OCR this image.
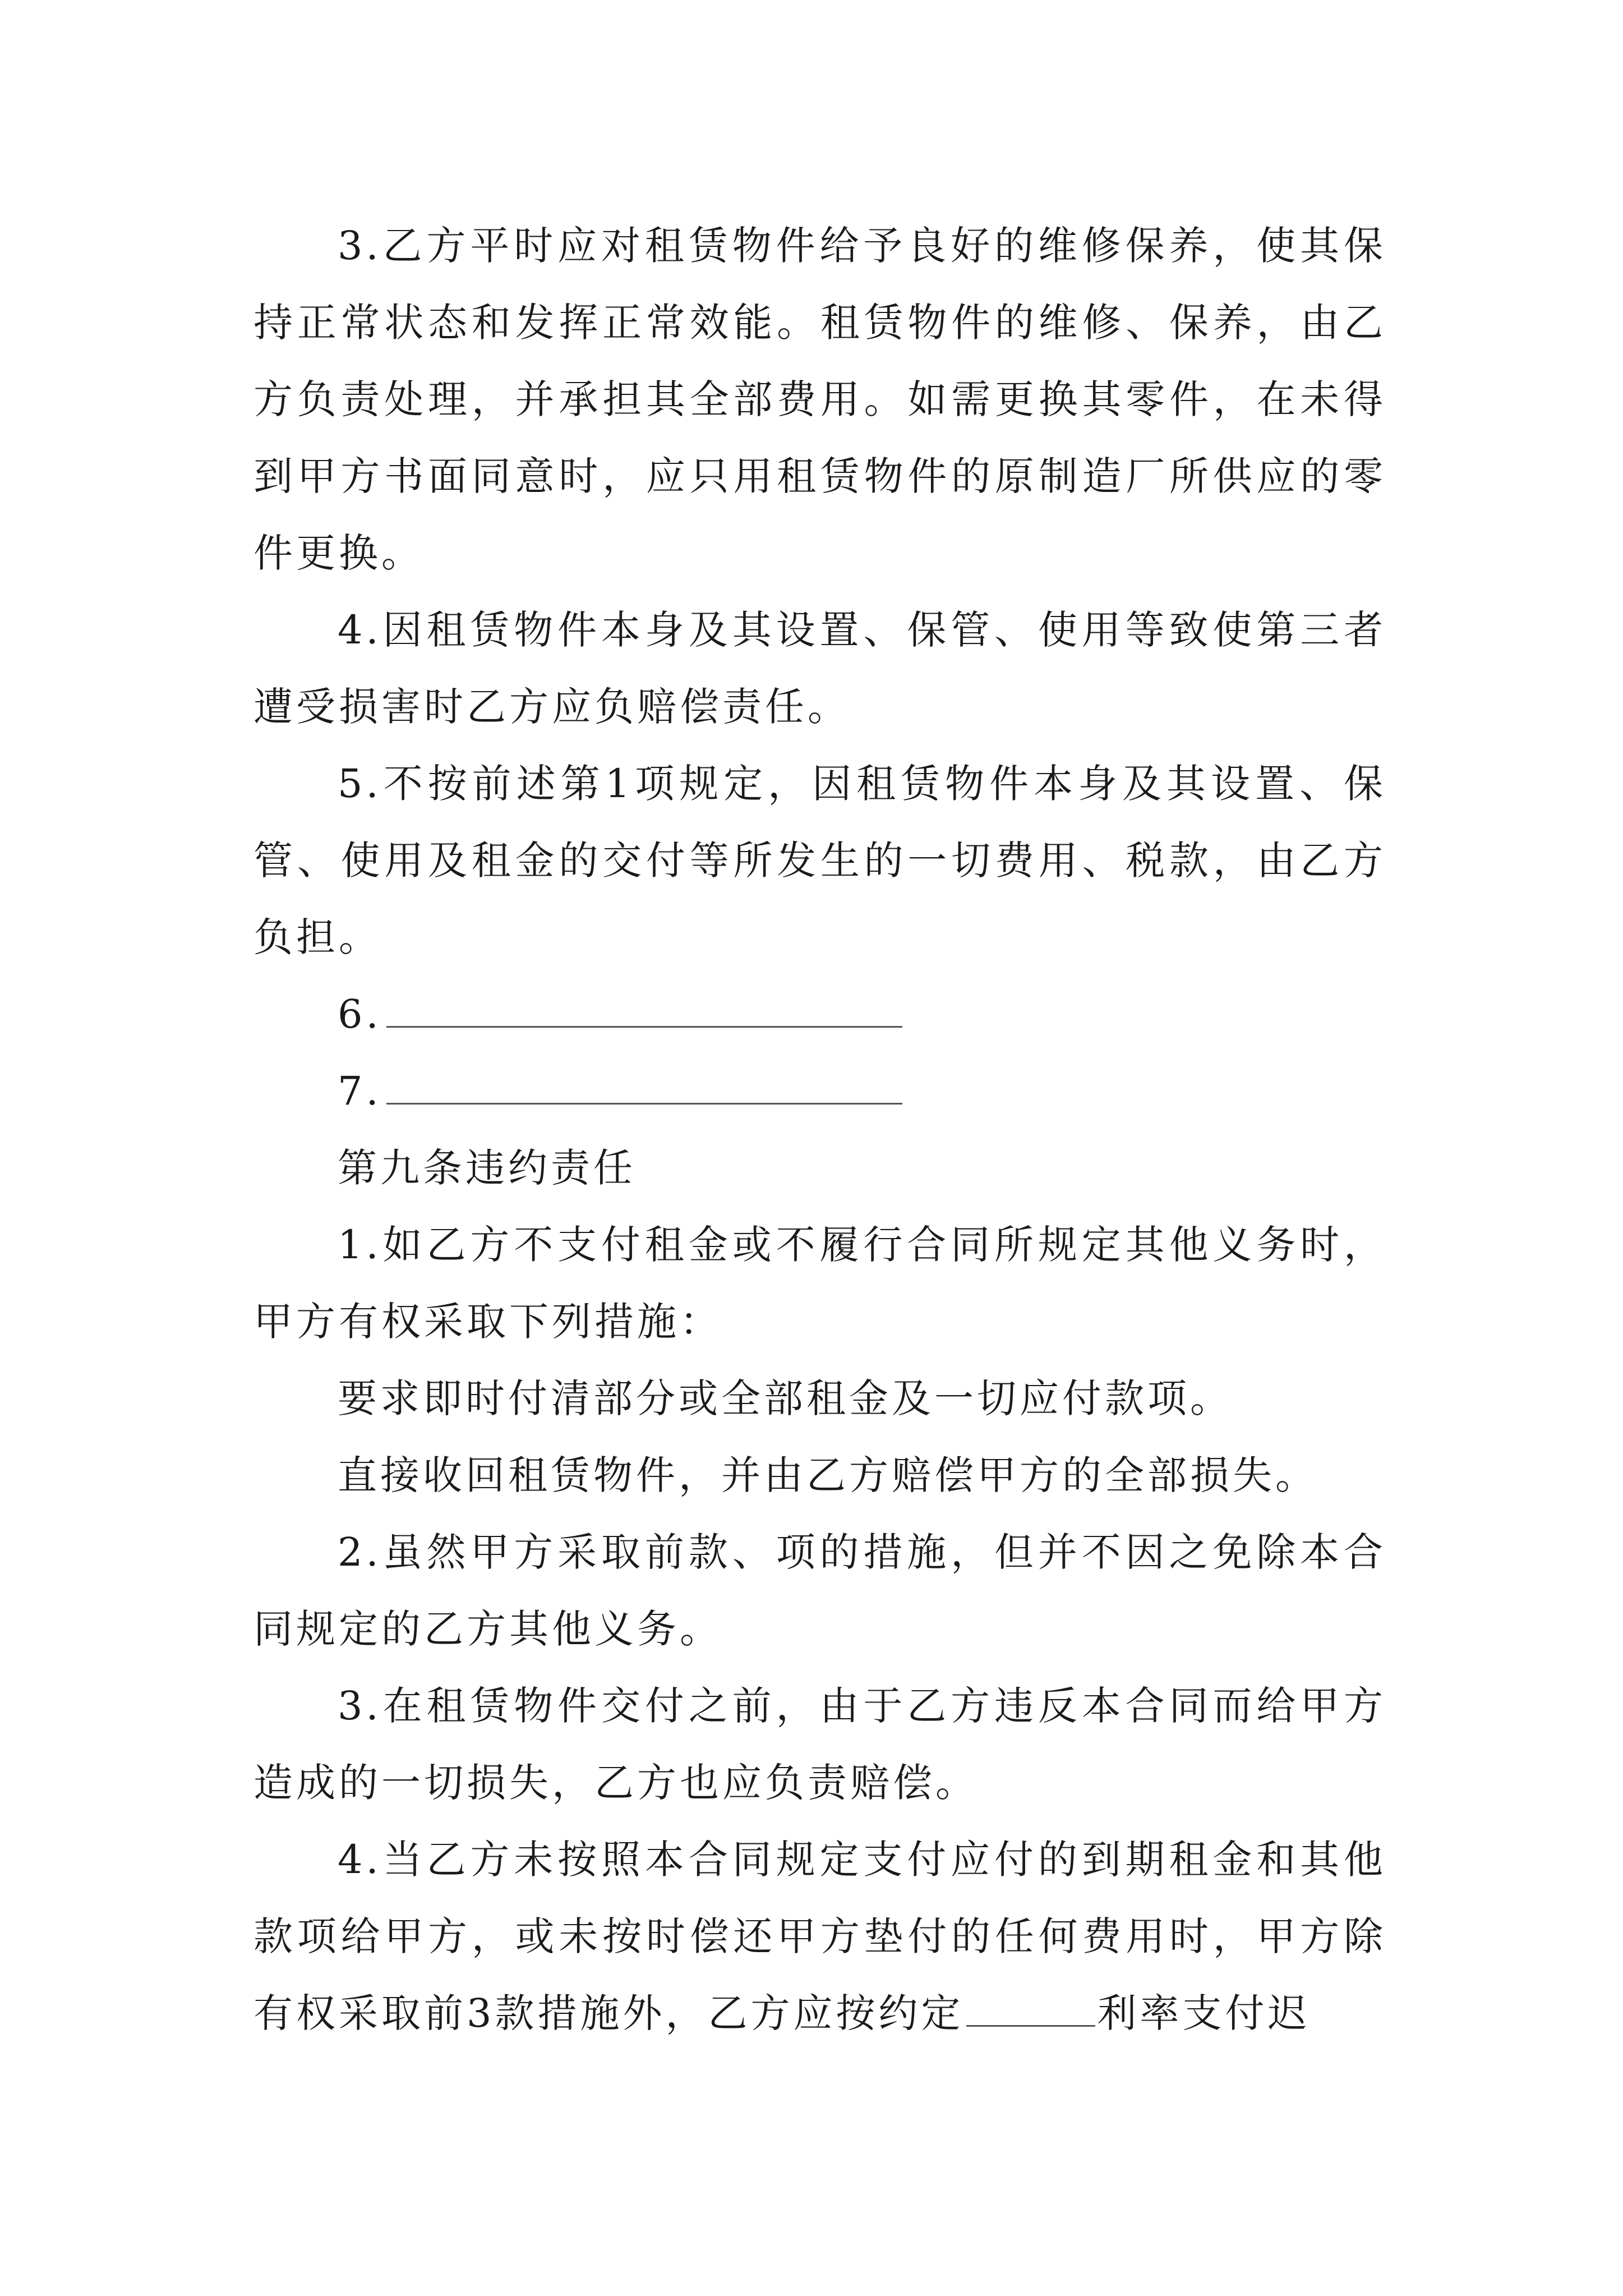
3.乙方平时应对租赁物件给予良好的维修保养，使其保持正常状态和发挥正常效能。租赁物件的维修、保养，由乙方负责处理，并承担其全部费用。如需更换其零件，在未得到甲方书面同意时，应只用租赁物件的原制造厂所供应的零件更换。

4.因租赁物件本身及其设置、保管、使用等致使第三者遭受损害时乙方应负赔偿责任。

5.不按前述第1项规定，因租赁物件本身及其设置、保管、使用及租金的交付等所发生的一切费用、税款，由乙方负担。

6.

7.

第九条违约责任

1.如乙方不支付租金或不履行合同所规定其他义务时，甲方有权采取下列措施：

要求即时付清部分或全部租金及一切应付款项。

直接收回租赁物件，并由乙方赔偿甲方的全部损失。

2.虽然甲方采取前款、项的措施，但并不因之免除本合同规定的乙方其他义务。

3.在租赁物件交付之前，由于乙方违反本合同而给甲方造成的一切损失，乙方也应负责赔偿。

4.当乙方未按照本合同规定支付应付的到期租金和其他款项给甲方，或未按时偿还甲方垫付的任何费用时，甲方除有权采取前3款措施外，乙方应按约定	利率支付迟
